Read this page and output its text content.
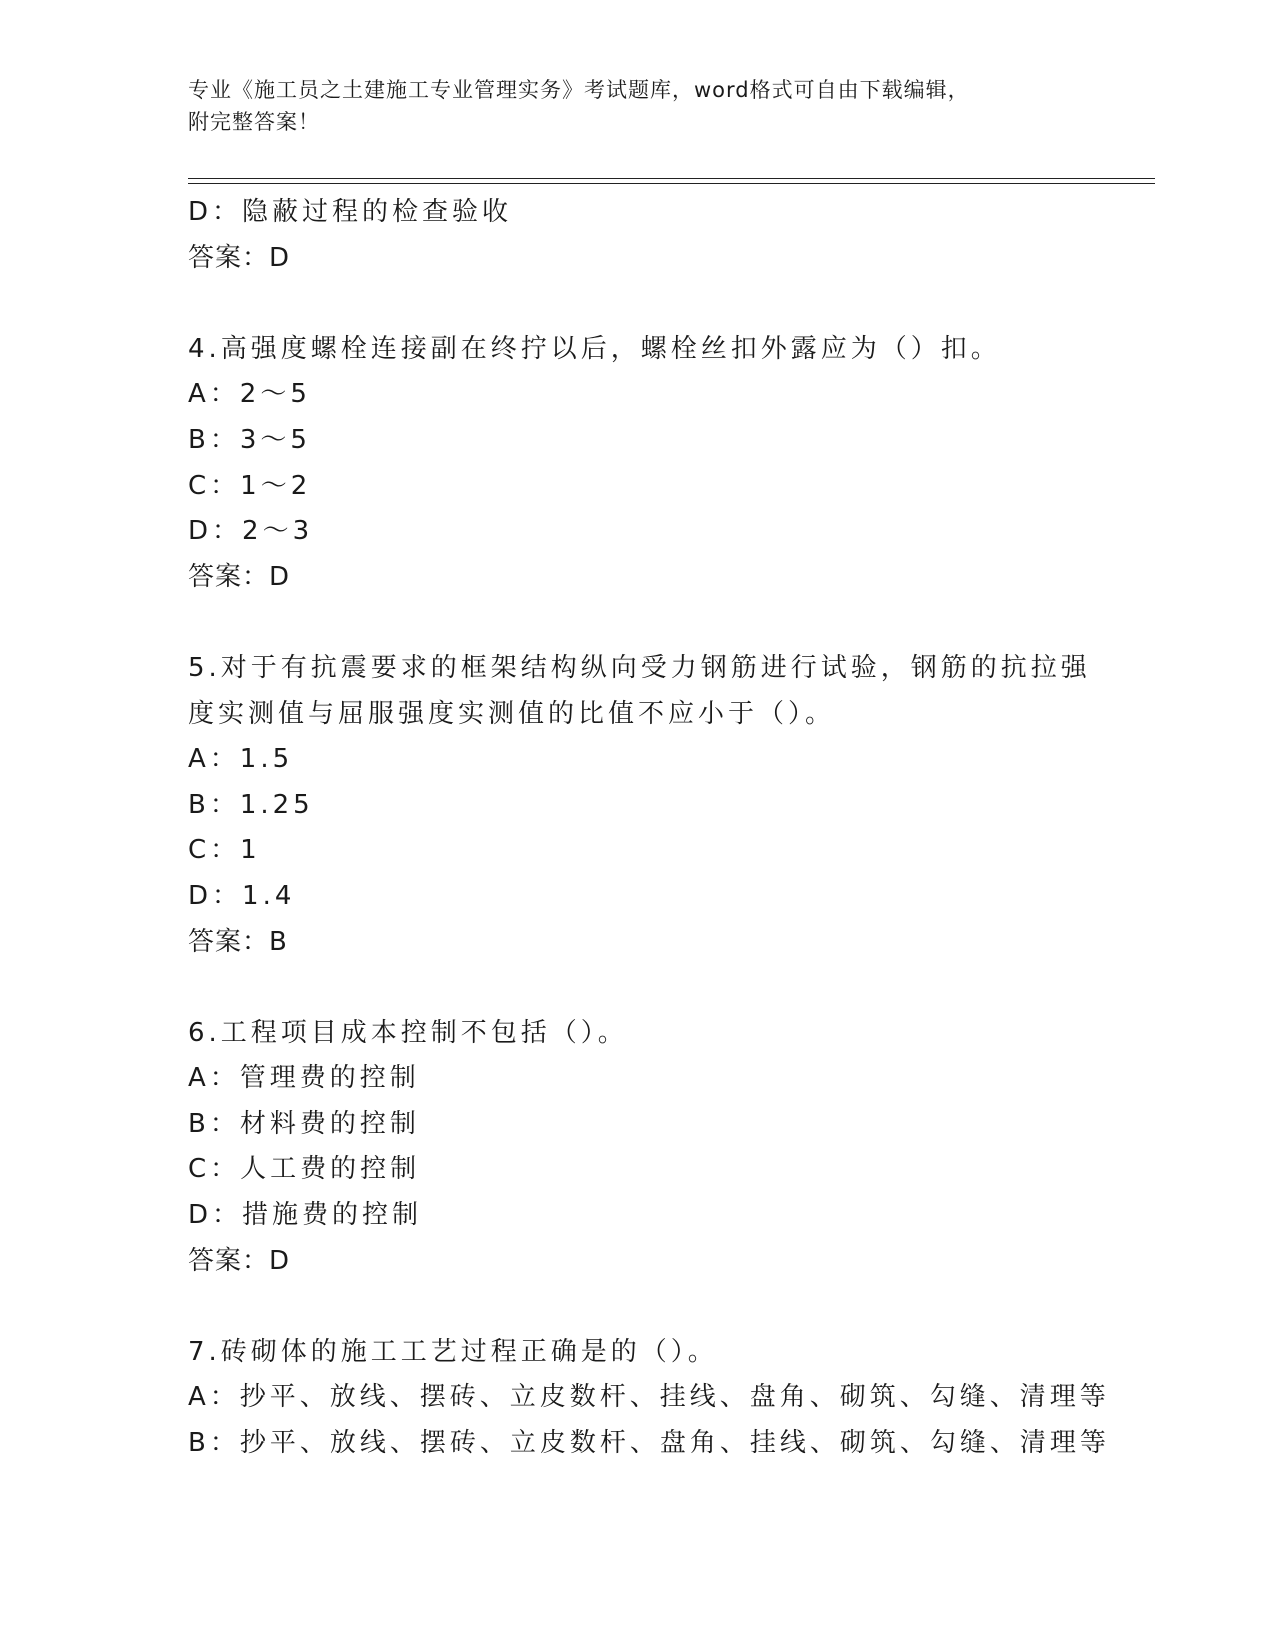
专业《施工员之土建施工专业管理实务》考试题库，word格式可自由下载编辑，
附完整答案！
D：隐蔽过程的检查验收
答案：D
4.高强度螺栓连接副在终拧以后，螺栓丝扣外露应为（）扣。
A：2～5
B：3～5
C：1～2
D：2～3
答案：D
5.对于有抗震要求的框架结构纵向受力钢筋进行试验，钢筋的抗拉强
度实测值与屈服强度实测值的比值不应小于（）。
A：1.5
B：1.25
C：1
D：1.4
答案：B
6.工程项目成本控制不包括（）。
A：管理费的控制
B：材料费的控制
C：人工费的控制
D：措施费的控制
答案：D
7.砖砌体的施工工艺过程正确是的（）。
A：抄平、放线、摆砖、立皮数杆、挂线、盘角、砌筑、勾缝、清理等
B：抄平、放线、摆砖、立皮数杆、盘角、挂线、砌筑、勾缝、清理等
